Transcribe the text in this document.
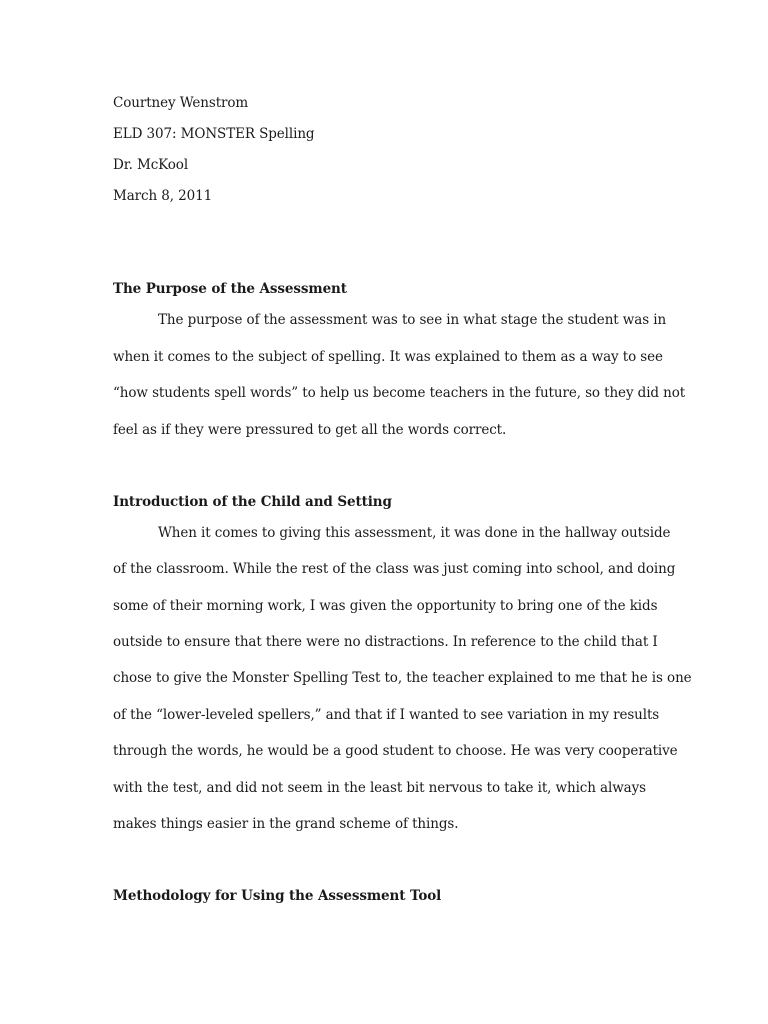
Courtney Wenstrom
ELD 307: MONSTER Spelling
Dr. McKool
March 8, 2011
The Purpose of the Assessment
The purpose of the assessment was to see in what stage the student was in
when it comes to the subject of spelling. It was explained to them as a way to see
“how students spell words” to help us become teachers in the future, so they did not
feel as if they were pressured to get all the words correct.
Introduction of the Child and Setting
When it comes to giving this assessment, it was done in the hallway outside
of the classroom. While the rest of the class was just coming into school, and doing
some of their morning work, I was given the opportunity to bring one of the kids
outside to ensure that there were no distractions. In reference to the child that I
chose to give the Monster Spelling Test to, the teacher explained to me that he is one
of the “lower-leveled spellers,” and that if I wanted to see variation in my results
through the words, he would be a good student to choose. He was very cooperative
with the test, and did not seem in the least bit nervous to take it, which always
makes things easier in the grand scheme of things.
Methodology for Using the Assessment Tool
